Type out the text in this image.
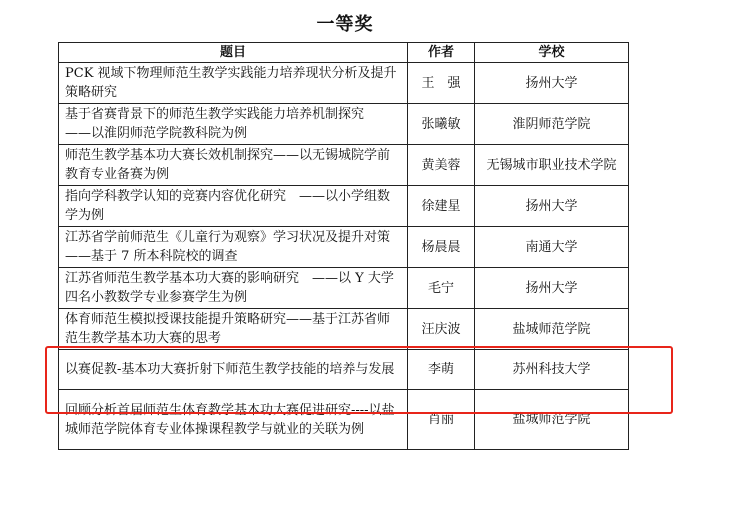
一等奖
题目	作者	学校
PCK 视域下物理师范生教学实践能力培养现状分析及提升策略研究	王　强	扬州大学
基于省赛背景下的师范生教学实践能力培养机制探究　——以淮阴师范学院教科院为例	张曦敏	淮阴师范学院
师范生教学基本功大赛长效机制探究——以无锡城院学前教育专业备赛为例	黄美蓉	无锡城市职业技术学院
指向学科教学认知的竞赛内容优化研究　——以小学组数学为例	徐建星	扬州大学
江苏省学前师范生《儿童行为观察》学习状况及提升对策——基于 7 所本科院校的调查	杨晨晨	南通大学
江苏省师范生教学基本功大赛的影响研究　——以 Y 大学四名小教数学专业参赛学生为例	毛宁	扬州大学
体育师范生模拟授课技能提升策略研究——基于江苏省师范生教学基本功大赛的思考	汪庆波	盐城师范学院
以赛促教-基本功大赛折射下师范生教学技能的培养与发展	李萌	苏州科技大学
回顾分析首届师范生体育教学基本功大赛促进研究----以盐城师范学院体育专业体操课程教学与就业的关联为例	肖丽	盐城师范学院
